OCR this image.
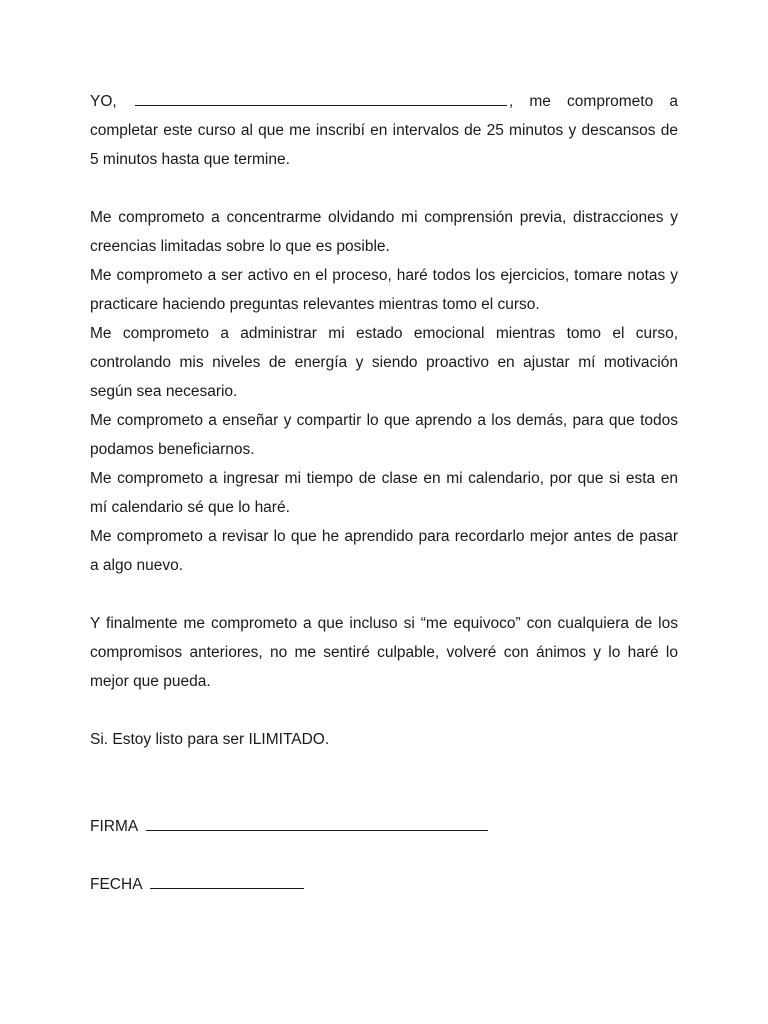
YO,	, me comprometo a completar este curso al que me inscribí en intervalos de 25 minutos y descansos de 5 minutos hasta que termine.

Me comprometo a concentrarme olvidando mi comprensión previa, distracciones y creencias limitadas sobre lo que es posible.

Me comprometo a ser activo en el proceso, haré todos los ejercicios, tomare notas y practicare haciendo preguntas relevantes mientras tomo el curso.

Me comprometo a administrar mi estado emocional mientras tomo el curso, controlando mis niveles de energía y siendo proactivo en ajustar mí motivación según sea necesario.

Me comprometo a enseñar y compartir lo que aprendo a los demás, para que todos podamos beneficiarnos.

Me comprometo a ingresar mi tiempo de clase en mi calendario, por que si esta en mí calendario sé que lo haré.

Me comprometo a revisar lo que he aprendido para recordarlo mejor antes de pasar a algo nuevo.

Y finalmente me comprometo a que incluso si “me equivoco” con cualquiera de los compromisos anteriores, no me sentiré culpable, volveré con ánimos y lo haré lo mejor que pueda.

Si. Estoy listo para ser ILIMITADO.

FIRMA

FECHA
